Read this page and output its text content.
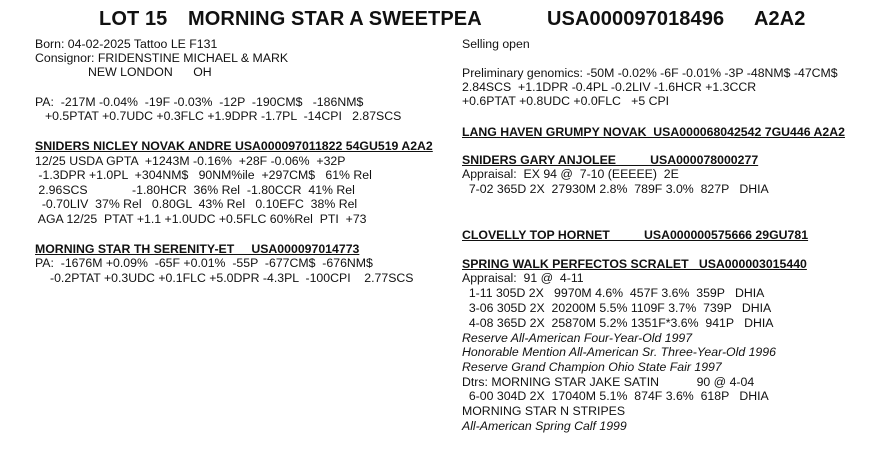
LOT 15 MORNING STAR A SWEETPEA	USA000097018496 A2A2
Born: 04-02-2025 Tattoo LE F131
Consignor: FRIDENSTINE MICHAEL & MARK
NEW LONDON      OH
PA:  -217M -0.04%  -19F -0.03%  -12P  -190CM$   -186NM$
+0.5PTAT +0.7UDC +0.3FLC +1.9DPR -1.7PL  -14CPI   2.87SCS
SNIDERS NICLEY NOVAK ANDRE USA000097011822 54GU519 A2A2
12/25 USDA GPTA  +1243M -0.16%  +28F -0.06%  +32P
-1.3DPR +1.0PL  +304NM$   90NM%ile  +297CM$   61% Rel
2.96SCS             -1.80HCR  36% Rel  -1.80CCR  41% Rel
-0.70LIV  37% Rel   0.80GL  43% Rel   0.10EFC  38% Rel
AGA 12/25  PTAT +1.1 +1.0UDC +0.5FLC 60%Rel  PTI  +73
MORNING STAR TH SERENITY-ET     USA000097014773
PA:  -1676M +0.09%  -65F +0.01%  -55P  -677CM$  -676NM$
-0.2PTAT +0.3UDC +0.1FLC +5.0DPR -4.3PL  -100CPI    2.77SCS
Selling open
Preliminary genomics: -50M -0.02% -6F -0.01% -3P -48NM$ -47CM$
2.84SCS  +1.1DPR -0.4PL -0.2LIV -1.6HCR +1.3CCR
+0.6PTAT +0.8UDC +0.0FLC   +5 CPI
LANG HAVEN GRUMPY NOVAK  USA000068042542 7GU446 A2A2
SNIDERS GARY ANJOLEE          USA000078000277
Appraisal:  EX 94 @  7-10 (EEEEE)  2E
7-02 365D 2X  27930M 2.8%  789F 3.0%  827P   DHIA
CLOVELLY TOP HORNET          USA000000575666 29GU781
SPRING WALK PERFECTOS SCRALET   USA000003015440
Appraisal:  91 @  4-11
1-11 305D 2X   9970M 4.6%  457F 3.6%  359P   DHIA
3-06 305D 2X  20200M 5.5% 1109F 3.7%  739P   DHIA
4-08 365D 2X  25870M 5.2% 1351F*3.6%  941P   DHIA
Reserve All-American Four-Year-Old 1997
Honorable Mention All-American Sr. Three-Year-Old 1996
Reserve Grand Champion Ohio State Fair 1997
Dtrs: MORNING STAR JAKE SATIN           90 @ 4-04
6-00 304D 2X  17040M 5.1%  874F 3.6%  618P   DHIA
MORNING STAR N STRIPES
All-American Spring Calf 1999
